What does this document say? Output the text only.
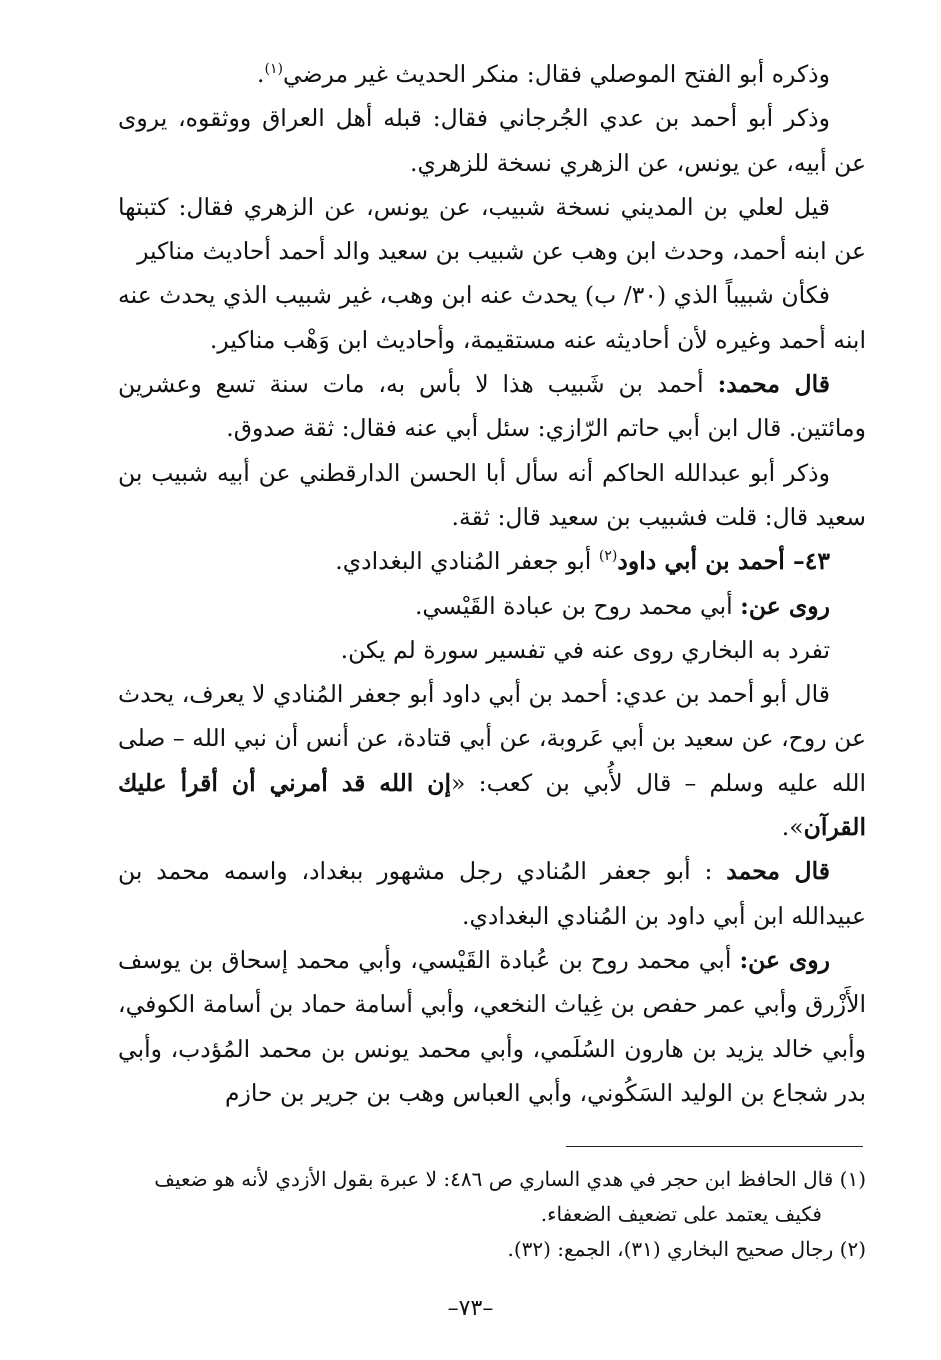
وذكره أبو الفتح الموصلي فقال: منكر الحديث غير مرضي$^{(١)}$.

وذكر أبو أحمد بن عدي الجُرجاني فقال: قبله أهل العراق ووثقوه، يروى عن أبيه، عن يونس، عن الزهري نسخة للزهري.

قيل لعلي بن المديني نسخة شبيب، عن يونس، عن الزهري فقال: كتبتها عن ابنه أحمد، وحدث ابن وهب عن شبيب بن سعيد والد أحمد أحاديث مناكير

فكأن شبيباً الذي (٣٠/ ب) يحدث عنه ابن وهب، غير شبيب الذي يحدث عنه ابنه أحمد وغيره لأن أحاديثه عنه مستقيمة، وأحاديث ابن وَهْب مناكير.

قال محمد: أحمد بن شَبيب هذا لا بأس به، مات سنة تسع وعشرين ومائتين. قال ابن أبي حاتم الرّازي: سئل أبي عنه فقال: ثقة صدوق.

وذكر أبو عبدالله الحاكم أنه سأل أبا الحسن الدارقطني عن أبيه شبيب بن سعيد قال: قلت فشبيب بن سعيد قال: ثقة.

٤٣– أحمد بن أبي داود$^{(٢)}$ أبو جعفر المُنادي البغدادي.

روى عن: أبي محمد روح بن عبادة القَيْسي.

تفرد به البخاري روى عنه في تفسير سورة لم يكن.

قال أبو أحمد بن عدي: أحمد بن أبي داود أبو جعفر المُنادي لا يعرف، يحدث عن روح، عن سعيد بن أبي عَروبة، عن أبي قتادة، عن أنس أن نبي الله – صلى الله عليه وسلم – قال لأُبي بن كعب: «إن الله قد أمرني أن أقرأ عليك القرآن».

قال محمد : أبو جعفر المُنادي رجل مشهور ببغداد، واسمه محمد بن عبيدالله ابن أبي داود بن المُنادي البغدادي.

روى عن: أبي محمد روح بن عُبادة القَيْسي، وأبي محمد إسحاق بن يوسف الأَزْرق وأبي عمر حفص بن غِياث النخعي، وأبي أسامة حماد بن أسامة الكوفي، وأبي خالد يزيد بن هارون السُلَمي، وأبي محمد يونس بن محمد المُؤدب، وأبي بدر شجاع بن الوليد السَكُوني، وأبي العباس وهب بن جرير بن حازم

(١) قال الحافظ ابن حجر في هدي الساري ص ٤٨٦: لا عبرة بقول الأزدي لأنه هو ضعيف

فكيف يعتمد على تضعيف الضعفاء.

(٢) رجال صحيح البخاري (٣١)، الجمع: (٣٢).

–٧٣–
